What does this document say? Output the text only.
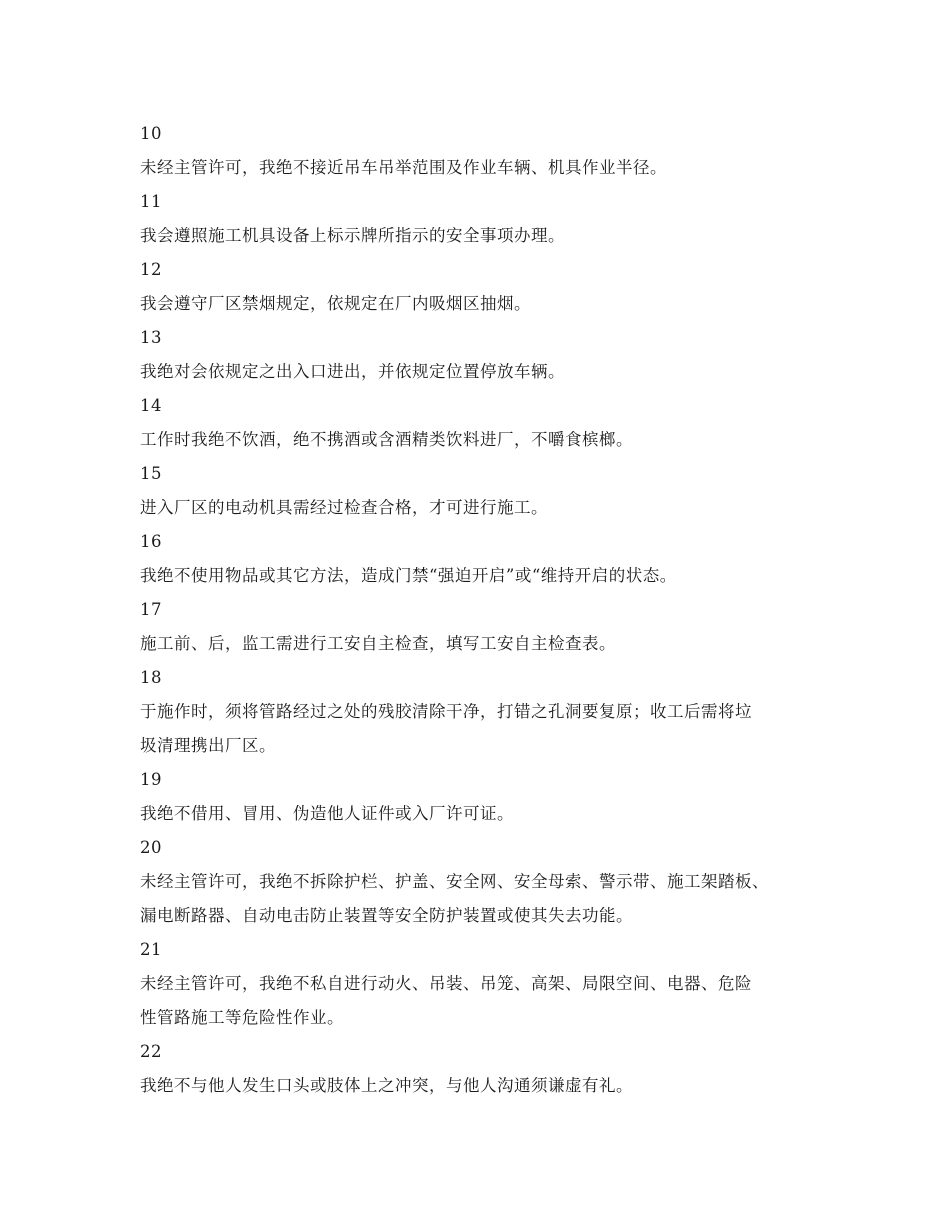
10
未经主管许可，我绝不接近吊车吊举范围及作业车辆、机具作业半径。
11
我会遵照施工机具设备上标示牌所指示的安全事项办理。
12
我会遵守厂区禁烟规定，依规定在厂内吸烟区抽烟。
13
我绝对会依规定之出入口进出，并依规定位置停放车辆。
14
工作时我绝不饮酒，绝不携酒或含酒精类饮料进厂，不嚼食槟榔。
15
进入厂区的电动机具需经过检查合格，才可进行施工。
16
我绝不使用物品或其它方法，造成门禁“强迫开启”或“维持开启的状态。
17
施工前、后，监工需进行工安自主检查，填写工安自主检查表。
18
于施作时，须将管路经过之处的残胶清除干净，打错之孔洞要复原；收工后需将垃
圾清理携出厂区。
19
我绝不借用、冒用、伪造他人证件或入厂许可证。
20
未经主管许可，我绝不拆除护栏、护盖、安全网、安全母索、警示带、施工架踏板、
漏电断路器、自动电击防止装置等安全防护装置或使其失去功能。
21
未经主管许可，我绝不私自进行动火、吊装、吊笼、高架、局限空间、电器、危险
性管路施工等危险性作业。
22
我绝不与他人发生口头或肢体上之冲突，与他人沟通须谦虚有礼。
